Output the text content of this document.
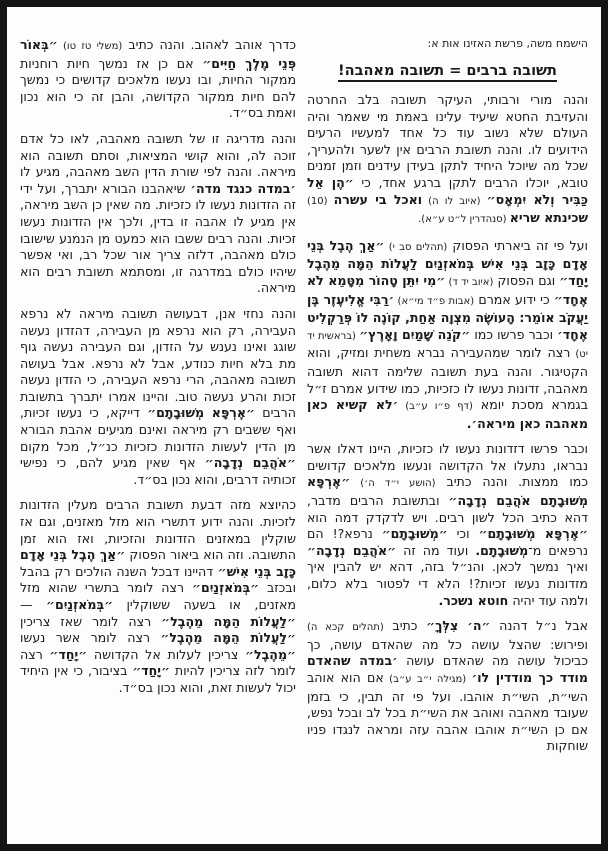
הישמח משה, פרשת האזינו אות א:
תשובה ברבים = תשובה מאהבה!

והנה מורי ורבותי, העיקר תשובה בלב החרטה והעזיבת החטא שיעיד עלינו באמת מי שאמר והיה העולם שלא נשוב עוד כל אחד למעשיו הרעים הידועים לו. והנה תשובת הרבים אין לשער ולהעריך, שכל מה שיוכל היחיד לתקן בעידן עידנים וזמן זמנים טובא, יוכלו הרבים לתקן ברגע אחד, כי ״הֶן אֵל כַּבִּיר וְלֹא יִמְאָס״ (איוב לו ה) ואכל בי עשרה (10) שכינתא שריא (סנהדרין ל״ט ע״א).

ועל פי זה ביארתי הפסוק (תהלים סב י) ״אַךְ הֶבֶל בְּנֵי אָדָם כָּזָב בְּנֵי אִישׁ בְּמֹאזְנַיִם לַעֲלוֹת הֵמָּה מֵהֶבֶל יָחַד״ וגם הפסוק (איוב יד ד) ״מִי יִתֵּן טָהוֹר מִטָּמֵא לֹא אֶחָד״ כי ידוע אמרם (אבות פ״ד מי״א) ׳רַבִּי אֱלִיעֶזֶר בֶּן יַעֲקֹב אוֹמֵר: הָעוֹשֶׂה מִצְוָה אַחַת, קוֹנֶה לוֹ פְּרַקְלִיט אֶחָד׳ וכבר פרשו כמו ״קֹנֵה שָׁמַיִם וָאָרֶץ״ (בראשית יד יט) רצה לומר שמהעבירה נברא משחית ומזיק, והוא הקטיגור. והנה בעת תשובה שלימה דהוא תשובה מאהבה, זדונות נעשו לו כזכיות, כמו שידוע אמרם ז״ל בגמרא מסכת יומא (דף פ״ו ע״ב) ׳לא קשיא כאן מאהבה כאן מיראה׳.

וכבר פרשו דזדונות נעשו לו כזכיות, היינו דאלו אשר נבראו, נתעלו אל הקדושה ונעשו מלאכים קדושים כמו ממצות. והנה כתיב (הושע י״ד ה׳) ״אֶרְפָּא מְשׁוּבָתָם אֹהֲבֵם נְדָבָה״ ובתשובת הרבים מדבר, דהא כתיב הכל לשון רבים. ויש לדקדק דמה הוא ״אֶרְפָּא מְשׁוּבָתָם״ וכי ״מְשׁוּבָתָם״ נרפא?! הם נרפאים מ־מְשׁוּבָתָם. ועוד מה זה ״אֹהֲבֵם נְדָבָה״ ואיך נמשך לכאן. והנ״ל בזה, דהא יש להבין איך מזדונות נעשו זכיות?! הלא די לפטור בלא כלום, ולמה עוד יהיה חוטא נשכר.

אבל נ״ל דהנה ״ה׳ צִלְּךָ״ כתיב (תהלים קכא ה) ופירוש: שהצל עושה כל מה שהאדם עושה, כך כביכול עושה מה שהאדם עושה ׳במדה שהאדם מודד כך מודדין לו׳ (מגילה י״ב ע״ב) אם הוא אוהב השי״ת, השי״ת אוהבו. ועל פי זה תבין, כי בזמן שעובד מאהבה ואוהב את השי״ת בכל לב ובכל נפש, אם כן השי״ת אוהבו אהבה עזה ומראה לנגדו פניו שוחקות

כדרך אוהב לאהוב. והנה כתיב (משלי טז טו) ״בְּאוֹר פְּנֵי מֶלֶךְ חַיִּים״ אם כן אז נמשך חיות רוחניות ממקור החיות, ובו נעשו מלאכים קדושים כי נמשך להם חיות ממקור הקדושה, והבן זה כי הוא נכון ואמת בס״ד.

והנה מדריגה זו של תשובה מאהבה, לאו כל אדם זוכה לה, והוא קושי המציאות, וסתם תשובה הוא מיראה. והנה לפי שורת הדין השב מאהבה, מגיע לו ׳במדה כנגד מדה׳ שיאהבנו הבורא יתברך, ועל ידי זה הזדונות נעשו לו כזכיות. מה שאין כן השב מיראה, אין מגיע לו אהבה זו בדין, ולכך אין הזדונות נעשו זכיות. והנה רבים ששבו הוא כמעט מן הנמנע שישובו כולם מאהבה, דלזה צריך אור שכל רב, ואי אפשר שיהיו כולם במדרגה זו, ומסתמא תשובת רבים הוא מיראה.

והנה נחזי אנן, דבעושה תשובה מיראה לא נרפא העבירה, רק הוא נרפא מן העבירה, דהזדון נעשה שוגג ואינו נענש על הזדון, וגם העבירה נעשה גוף מת בלא חיות כנודע, אבל לא נרפא. אבל בעושה תשובה מאהבה, הרי נרפא העבירה, כי הזדון נעשה זכות והרע נעשה טוב. והיינו אמרו יתברך בתשובת הרבים ״אֶרְפָּא מְשׁוּבָתָם״ דייקא, כי נעשו זכיות, ואף ששבים רק מיראה ואינם מגיעים אהבת הבורא מן הדין לעשות הזדונות כזכיות כנ״ל, מכל מקום ״אֹהֲבֵם נְדָבָה״ אף שאין מגיע להם, כי נפישי זכותיה דרבים, והוא נכון בס״ד.

כהיוצא מזה דבעת תשובת הרבים מעלין הזדונות לזכיות. והנה ידוע דתשרי הוא מזל מאזנים, וגם אז שוקלין במאזנים הזדונות והזכיות, ואז הוא זמן התשובה. וזה הוא ביאור הפסוק ״אַךְ הֶבֶל בְּנֵי אָדָם כָּזָב בְּנֵי אִישׁ״ דהיינו דבכל השנה הולכים רק בהבל ובכזב ״בְּמֹאזְנַיִם״ רצה לומר בתשרי שהוא מזל מאזנים, או בשעה ששוקלין ״בְּמֹאזְנַיִם״ — ״לַעֲלוֹת הֵמָּה מֵהֶבֶל״ רצה לומר שאז צריכין ״לַעֲלוֹת הֵמָּה מֵהֶבֶל״ רצה לומר אשר נעשו ״מֵהֶבֶל״ צריכין לעלות אל הקדושה ״יָחַד״ רצה לומר לזה צריכין להיות ״יָחַד״ בציבור, כי אין היחיד יכול לעשות זאת, והוא נכון בס״ד.
